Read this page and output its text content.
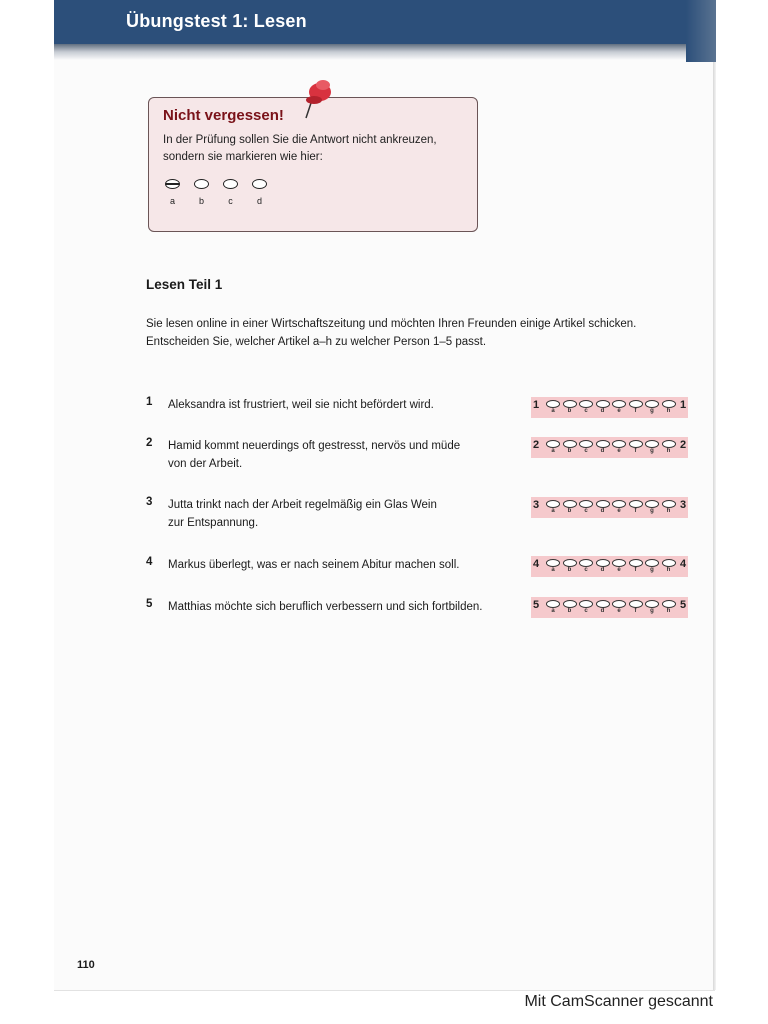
Übungstest 1: Lesen
Nicht vergessen!
In der Prüfung sollen Sie die Antwort nicht ankreuzen,
sondern sie markieren wie hier:
a	b	c	d
Lesen Teil 1
Sie lesen online in einer Wirtschaftszeitung und möchten Ihren Freunden einige Artikel schicken.
Entscheiden Sie, welcher Artikel a–h zu welcher Person 1–5 passt.
1 Aleksandra ist frustriert, weil sie nicht befördert wird.	1	a	b	c	d	e	f	g	h 1
2 Hamid kommt neuerdings oft gestresst, nervös und müde
von der Arbeit.
2	a	b	c	d	e	f	g	h 2
3 Jutta trinkt nach der Arbeit regelmäßig ein Glas Wein
zur Entspannung.
3	a	b	c	d	e	f	g	h 3
4 Markus überlegt, was er nach seinem Abitur machen soll.	4	a	b	c	d	e	f	g	h 4
5 Matthias möchte sich beruflich verbessern und sich fortbilden.	5	a	b	c	d	e	f	g	h 5
110
Mit CamScanner gescannt
